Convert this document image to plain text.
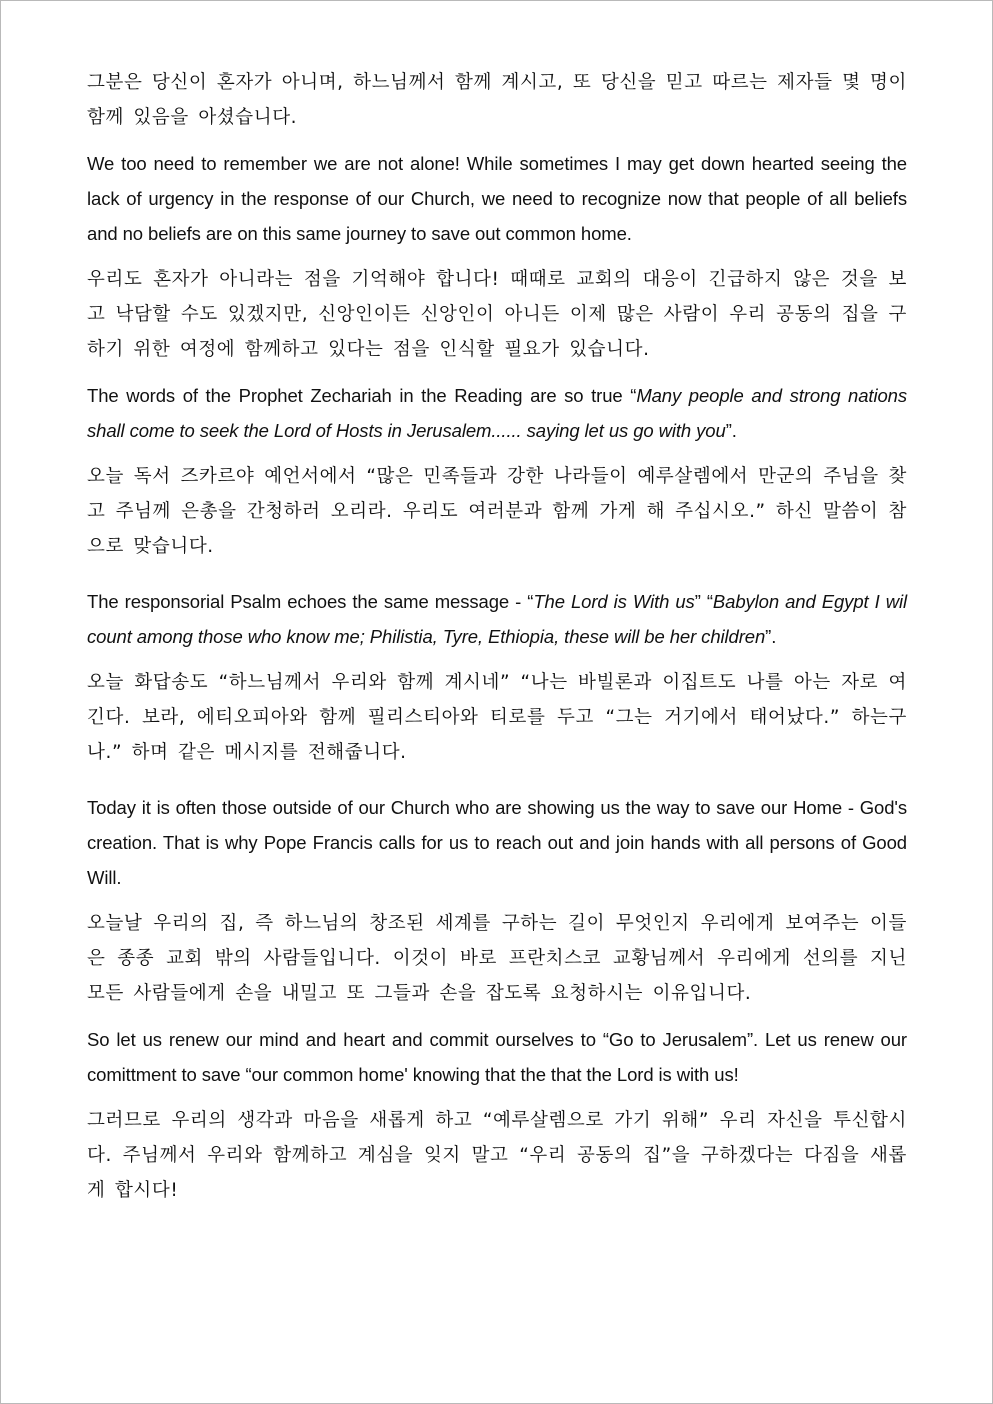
그분은 당신이 혼자가 아니며, 하느님께서 함께 계시고, 또 당신을 믿고 따르는 제자들 몇 명이 함께 있음을 아셨습니다.

We too need to remember we are not alone! While sometimes I may get down hearted seeing the lack of urgency in the response of our Church, we need to recognize now that people of all beliefs and no beliefs are on this same journey to save out common home.

우리도 혼자가 아니라는 점을 기억해야 합니다! 때때로 교회의 대응이 긴급하지 않은 것을 보고 낙담할 수도 있겠지만, 신앙인이든 신앙인이 아니든 이제 많은 사람이 우리 공동의 집을 구하기 위한 여정에 함께하고 있다는 점을 인식할 필요가 있습니다.

The words of the Prophet Zechariah in the Reading are so true “Many people and strong nations shall come to seek the Lord of Hosts in Jerusalem...... saying let us go with you”.

오늘 독서 즈카르야 예언서에서 “많은 민족들과 강한 나라들이 예루살렘에서 만군의 주님을 찾고 주님께 은총을 간청하러 오리라. 우리도 여러분과 함께 가게 해 주십시오.” 하신 말씀이 참으로 맞습니다.

The responsorial Psalm echoes the same message - “The Lord is With us” “Babylon and Egypt I wil count among those who know me; Philistia, Tyre, Ethiopia, these will be her children”.

오늘 화답송도 “하느님께서 우리와 함께 계시네” “나는 바빌론과 이집트도 나를 아는 자로 여긴다. 보라, 에티오피아와 함께 필리스티아와 티로를 두고 “그는 거기에서 태어났다.” 하는구나.” 하며 같은 메시지를 전해줍니다.

Today it is often those outside of our Church who are showing us the way to save our Home - God's creation. That is why Pope Francis calls for us to reach out and join hands with all persons of Good Will.

오늘날 우리의 집, 즉 하느님의 창조된 세계를 구하는 길이 무엇인지 우리에게 보여주는 이들은 종종 교회 밖의 사람들입니다. 이것이 바로 프란치스코 교황님께서 우리에게 선의를 지닌 모든 사람들에게 손을 내밀고 또 그들과 손을 잡도록 요청하시는 이유입니다.

So let us renew our mind and heart and commit ourselves to “Go to Jerusalem”. Let us renew our comittment to save “our common home' knowing that the that the Lord is with us!

그러므로 우리의 생각과 마음을 새롭게 하고 “예루살렘으로 가기 위해” 우리 자신을 투신합시다. 주님께서 우리와 함께하고 계심을 잊지 말고 “우리 공동의 집”을 구하겠다는 다짐을 새롭게 합시다!
